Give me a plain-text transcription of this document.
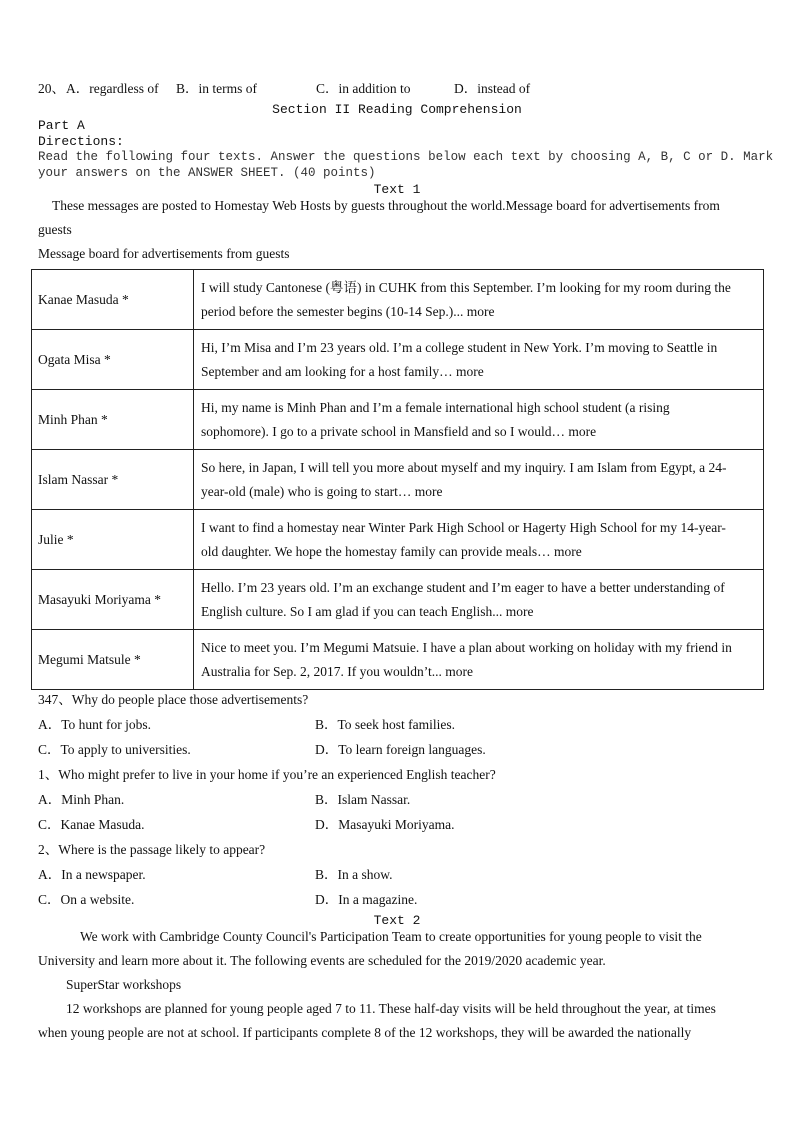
20、 A．regardless of B．in terms of	C．in addition to	D．instead of
Section II Reading Comprehension
Part A
Directions:
Read the following four texts. Answer the questions below each text by choosing A, B, C or D. Mark
your answers on the ANSWER SHEET. (40 points)
Text 1
These messages are posted to Homestay Web Hosts by guests throughout the world.Message board for advertisements from
guests
Message board for advertisements from guests
Kanae Masuda *	I will study Cantonese (粤语) in CUHK from this September. I’m looking for my room during the
period before the semester begins (10-14 Sep.)... more

Ogata Misa *	Hi, I’m Misa and I’m 23 years old. I’m a college student in New York. I’m moving to Seattle in
September and am looking for a host family… more

Minh Phan *	Hi, my name is Minh Phan and I’m a female international high school student (a rising
sophomore). I go to a private school in Mansfield and so I would… more

Islam Nassar *	So here, in Japan, I will tell you more about myself and my inquiry. I am Islam from Egypt, a 24-
year-old (male) who is going to start… more

Julie *	I want to find a homestay near Winter Park High School or Hagerty High School for my 14-year-
old daughter. We hope the homestay family can provide meals… more

Masayuki Moriyama *	Hello. I’m 23 years old. I’m an exchange student and I’m eager to have a better understanding of
English culture. So I am glad if you can teach English... more

Megumi Matsule *	Nice to meet you. I’m Megumi Matsuie. I have a plan about working on holiday with my friend in
Australia for Sep. 2, 2017. If you wouldn’t... more
347、Why do people place those advertisements?
A．To hunt for jobs.	B．To seek host families.
C．To apply to universities.	D．To learn foreign languages.
1、Who might prefer to live in your home if you’re an experienced English teacher?
A．Minh Phan.	B．Islam Nassar.
C．Kanae Masuda.	D．Masayuki Moriyama.
2、Where is the passage likely to appear?
A．In a newspaper.	B．In a show.
C．On a website.	D．In a magazine.
Text 2
We work with Cambridge County Council's Participation Team to create opportunities for young people to visit the
University and learn more about it. The following events are scheduled for the 2019/2020 academic year.
SuperStar workshops
12 workshops are planned for young people aged 7 to 11. These half-day visits will be held throughout the year, at times
when young people are not at school. If participants complete 8 of the 12 workshops, they will be awarded the nationally
